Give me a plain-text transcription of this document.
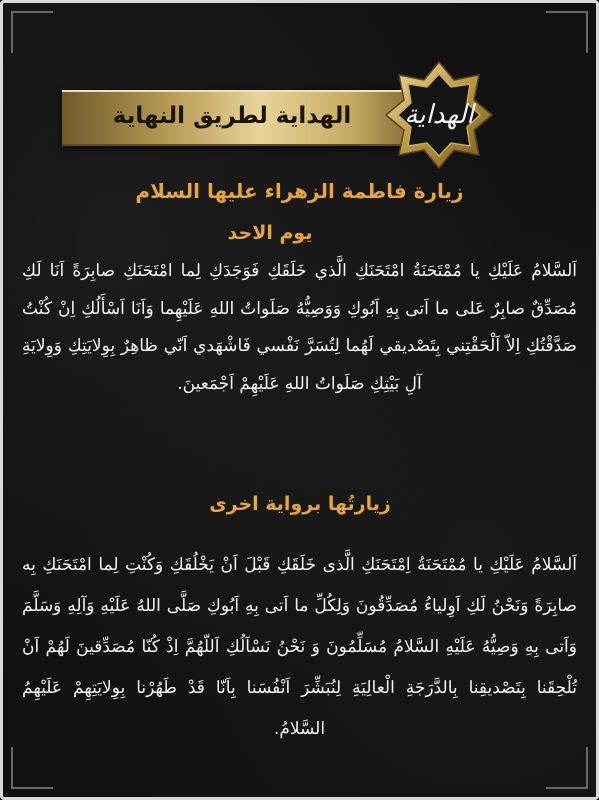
الهداية لطريق النهاية	الهداية
زيارة فاطمة الزهراء عليها السلام
يوم الاحد
اَلسَّلامُ عَلَيْكِ يا مُمْتَحَنَةُ امْتَحَنَكِ الَّذي خَلَقَكِ فَوَجَدَكِ لِما امْتَحَنَكِ صابِرَةً اَنَا لَكِ مُصَدِّقٌ صابِرٌ عَلى ما اَتى بِهِ اَبُوكِ وَوَصِيُّهُ صَلَواتُ اللهِ عَلَيْهِما وَاَنَا اَسْأَلُكِ اِنْ كُنْتُ صَدَّقْتُكِ اِلاّ اَلْحَقْتِني بِتَصْديقي لَهُما لِتُسَرَّ نَفْسي فَاشْهَدي اَنّي ظاهِرٌ بِوِلايَتِكِ وَوِلايَةِ آلِ بَيْتِكِ صَلَواتُ اللهِ عَلَيْهِمْ اَجْمَعينَ.
زيارتُها برواية اخرى
اَلسَّلامُ عَلَيْكِ يا مُمْتَحَنَةُ اِمْتَحَنَكِ الَّذى خَلَقَكِ قَبْلَ اَنْ يَخْلُقَكِ وَكُنْتِ لِما امْتَحَنَكِ بِه صابِرَةً وَنَحْنُ لَكِ اَوِلياءُ مُصَدِّقُونَ وَلِكُلِّ ما اَتى بِهِ اَبُوكِ صَلَّى اللهُ عَلَيْهِ وَآلِهِ وَسَلَّمَ وَاَتى بِهِ وَصِيُّهُ عَلَيْهِ السَّلامُ مُسَلِّمُونَ وَ نَحْنُ نَسْاَلُكِ اَللّهُمَّ اِذْ كُنّا مُصَدِّقينَ لَهُمْ اَنْ تُلْحِقَنا بِتَصْديقِنا بِالدَّرَجَةِ الْعالِيَةِ لِنُبَشِّرَ اَنْفُسَنا بِاَنّا قَدْ طَهُرْنا بِوِلايَتِهِمْ عَلَيْهِمُ السَّلامُ.
